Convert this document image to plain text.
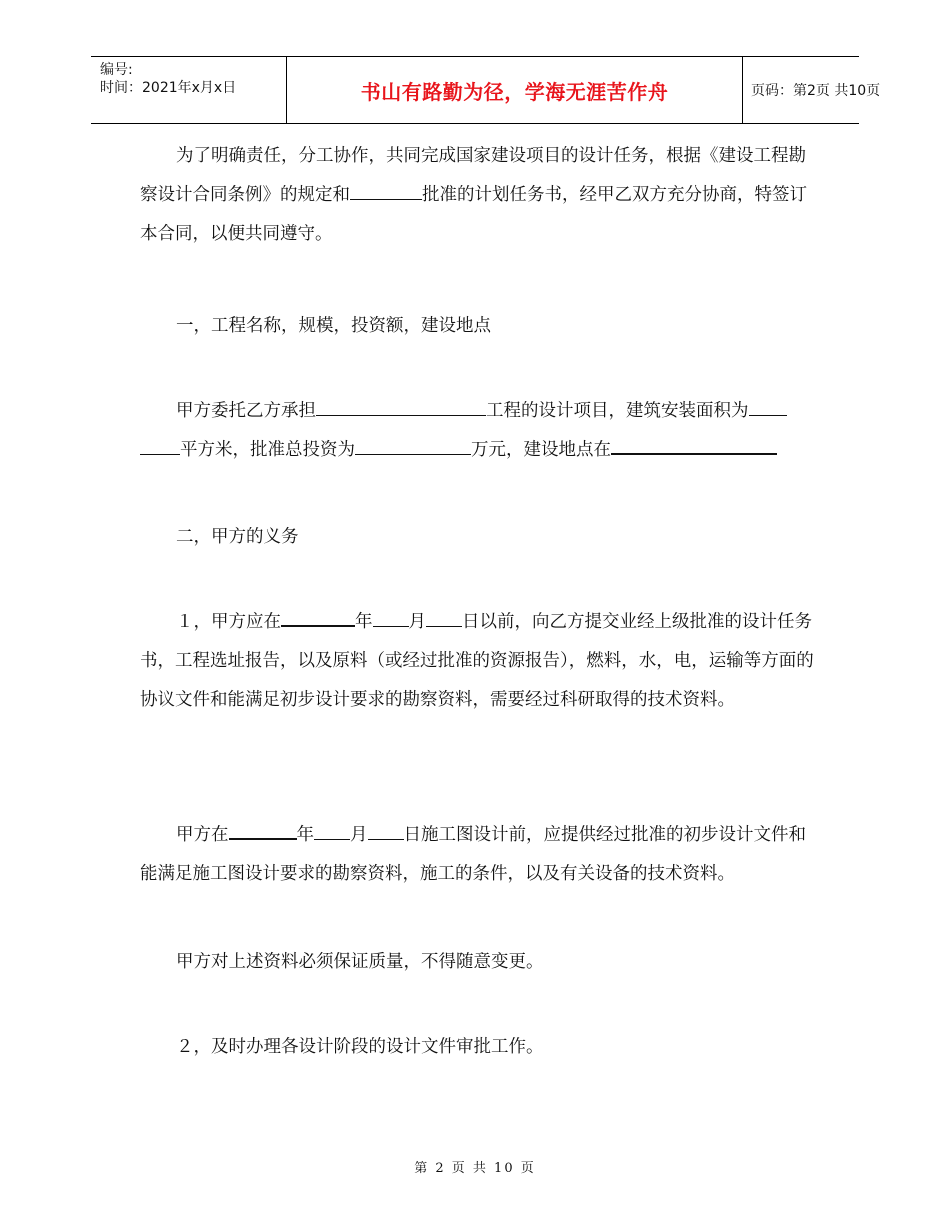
编号:
时间：2021年x月x日	书山有路勤为径，学海无涯苦作舟	页码：第2页 共10页
为了明确责任，分工协作，共同完成国家建设项目的设计任务，根据《建设工程勘察设计合同条例》的规定和	批准的计划任务书，经甲乙双方充分协商，特签订本合同，以便共同遵守。
一，工程名称，规模，投资额，建设地点
甲方委托乙方承担	工程的设计项目，建筑安装面积为平方米，批准总投资为	万元，建设地点在
二，甲方的义务
１，甲方应在	年 月 日以前，向乙方提交业经上级批准的设计任务书，工程选址报告，以及原料（或经过批准的资源报告），燃料，水，电，运输等方面的协议文件和能满足初步设计要求的勘察资料，需要经过科研取得的技术资料。
甲方在	年 月 日施工图设计前，应提供经过批准的初步设计文件和能满足施工图设计要求的勘察资料，施工的条件，以及有关设备的技术资料。
甲方对上述资料必须保证质量，不得随意变更。
２，及时办理各设计阶段的设计文件审批工作。
第 2 页 共 10 页
